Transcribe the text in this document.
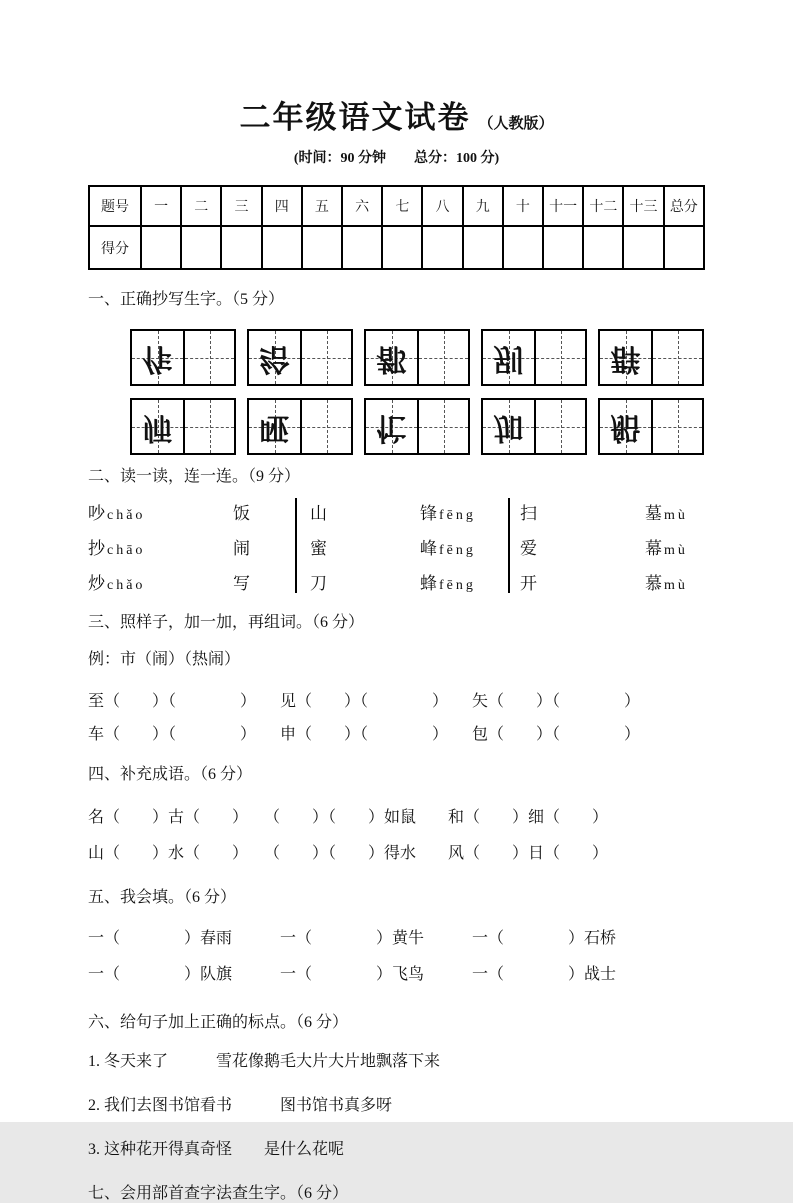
二年级语文试卷 （人教版）
(时间：90 分钟　　总分：100 分)
题号	一	二	三	四	五	六	七	八	九	十	十一	十二	十三	总分
得分														
一、正确抄写生字。（5 分）
作	给	都	别	群
师	哑	忙	加	船
二、读一读，连一连。（9 分）
吵 chǎo	饭	山	锋 fēng	扫	墓 mù
抄 chāo	闹	蜜	峰 fēng	爱	幕 mù
炒 chǎo	写	刀	蜂 fēng	开	慕 mù
三、照样子，加一加，再组词。（6 分）
例：市（闹）（热闹）
至（　　）（　　　　）　　见（　　）（　　　　）　　矢（　　）（　　　　）
车（　　）（　　　　）　　申（　　）（　　　　）　　包（　　）（　　　　）
四、补充成语。（6 分）
名（　　）古（　　）　　（　　）（　　）如鼠　　和（　　）细（　　）
山（　　）水（　　）　　（　　）（　　）得水　　风（　　）日（　　）
五、我会填。（6 分）
一（　　　　）春雨　　　一（　　　　）黄牛　　　一（　　　　）石桥
一（　　　　）队旗　　　一（　　　　）飞鸟　　　一（　　　　）战士
六、给句子加上正确的标点。（6 分）
1. 冬天来了　　　雪花像鹅毛大片大片地飘落下来
2. 我们去图书馆看书　　　图书馆书真多呀
3. 这种花开得真奇怪　　是什么花呢
七、会用部首查字法查生字。（6 分）
